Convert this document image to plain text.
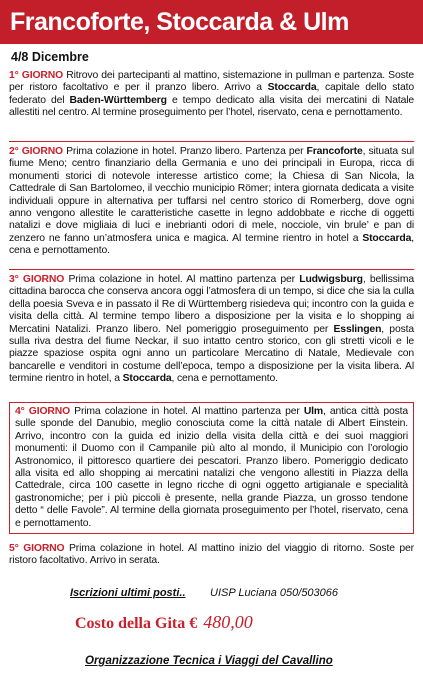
Francoforte, Stoccarda & Ulm
4/8 Dicembre
1° GIORNO Ritrovo dei partecipanti al mattino, sistemazione in pullman e partenza. Soste per ristoro facoltativo e per il pranzo libero. Arrivo a Stoccarda, capitale dello stato federato del Baden-Württemberg e tempo dedicato alla visita dei mercatini di Natale allestiti nel centro. Al termine proseguimento per l’hotel, riservato, cena e pernottamento.
2° GIORNO Prima colazione in hotel. Pranzo libero. Partenza per Francoforte, situata sul fiume Meno; centro finanziario della Germania e uno dei principali in Europa, ricca di monumenti storici di notevole interesse artistico come; la Chiesa di San Nicola, la Cattedrale di San Bartolomeo, il vecchio municipio Römer; intera giornata dedicata a visite individuali oppure in alternativa per tuffarsi nel centro storico di Romerberg, dove ogni anno vengono allestite le caratteristiche casette in legno addobbate e ricche di oggetti natalizi e dove migliaia di luci e inebrianti odori di mele, nocciole, vin brule’ e pan di zenzero ne fanno un’atmosfera unica e magica. Al termine rientro in hotel a Stoccarda, cena e pernottamento.
3° GIORNO Prima colazione in hotel. Al mattino partenza per Ludwigsburg, bellissima cittadina barocca che conserva ancora oggi l’atmosfera di un tempo, si dice che sia la culla della poesia Sveva e in passato il Re di Württemberg risiedeva qui; incontro con la guida e visita della città. Al termine tempo libero a disposizione per la visita e lo shopping ai Mercatini Natalizi. Pranzo libero. Nel pomeriggio proseguimento per Esslingen, posta sulla riva destra del fiume Neckar, il suo intatto centro storico, con gli stretti vicoli e le piazze spaziose ospita ogni anno un particolare Mercatino di Natale, Medievale con bancarelle e venditori in costume dell’epoca, tempo a disposizione per la visita libera. Al termine rientro in hotel, a Stoccarda, cena e pernottamento.
4° GIORNO Prima colazione in hotel. Al mattino partenza per Ulm, antica città posta sulle sponde del Danubio, meglio conosciuta come la città natale di Albert Einstein. Arrivo, incontro con la guida ed inizio della visita della città e dei suoi maggiori monumenti: il Duomo con il Campanile più alto al mondo, il Municipio con l’orologio Astronomico, il pittoresco quartiere dei pescatori. Pranzo libero. Pomeriggio dedicato alla visita ed allo shopping ai mercatini natalizi che vengono allestiti in Piazza della Cattedrale, circa 100 casette in legno ricche di ogni oggetto artigianale e specialità gastronomiche; per i più piccoli è presente, nella grande Piazza, un grosso tendone detto “ delle Favole”. Al termine della giornata proseguimento per l’hotel, riservato, cena e pernottamento.
5° GIORNO Prima colazione in hotel. Al mattino inizio del viaggio di ritorno. Soste per ristoro facoltativo. Arrivo in serata.
Iscrizioni ultimi posti.. UISP Luciana 050/503066
Costo della Gita € 480,00
Organizzazione Tecnica i Viaggi del Cavallino
